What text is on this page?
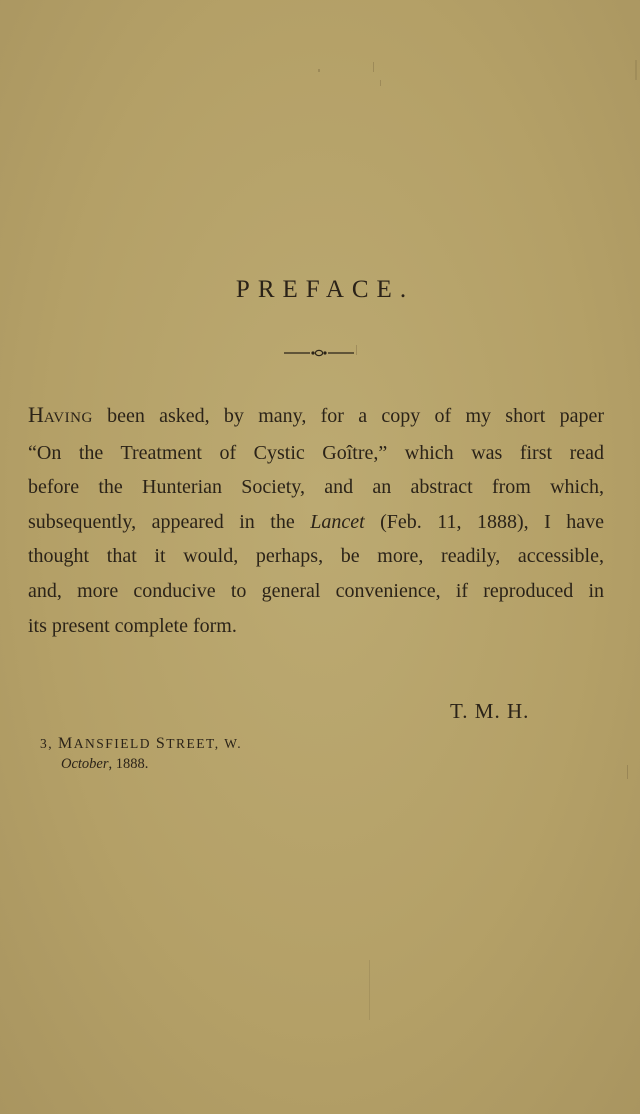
PREFACE.
HAVING been asked, by many, for a copy of my short paper
“On the Treatment of Cystic Goître,” which was first read
before the Hunterian Society, and an abstract from which,
subsequently, appeared in the Lancet (Feb. 11, 1888), I have
thought that it would, perhaps, be more, readily, accessible,
and, more conducive to general convenience, if reproduced in
its present complete form.
T. M. H.
3, MANSFIELD STREET, W.
October, 1888.
